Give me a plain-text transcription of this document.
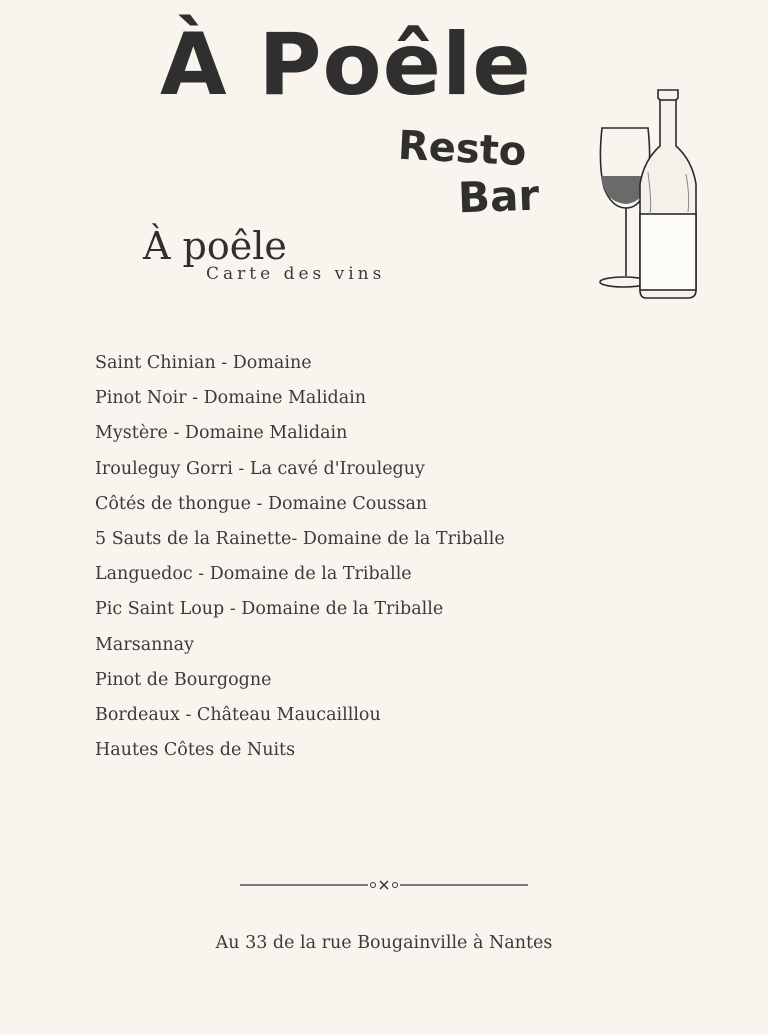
À Poêle
Resto
Bar
À poêle
Carte des vins
Saint Chinian - Domaine
Pinot Noir - Domaine Malidain
Mystère - Domaine Malidain
Irouleguy Gorri - La cavé d'Irouleguy
Côtés de thongue - Domaine Coussan
5 Sauts de la Rainette- Domaine de la Triballe
Languedoc - Domaine de la Triballe
Pic Saint Loup - Domaine de la Triballe
Marsannay
Pinot de Bourgogne
Bordeaux - Château Maucailllou
Hautes Côtes de Nuits
Au 33 de la rue Bougainville à Nantes
